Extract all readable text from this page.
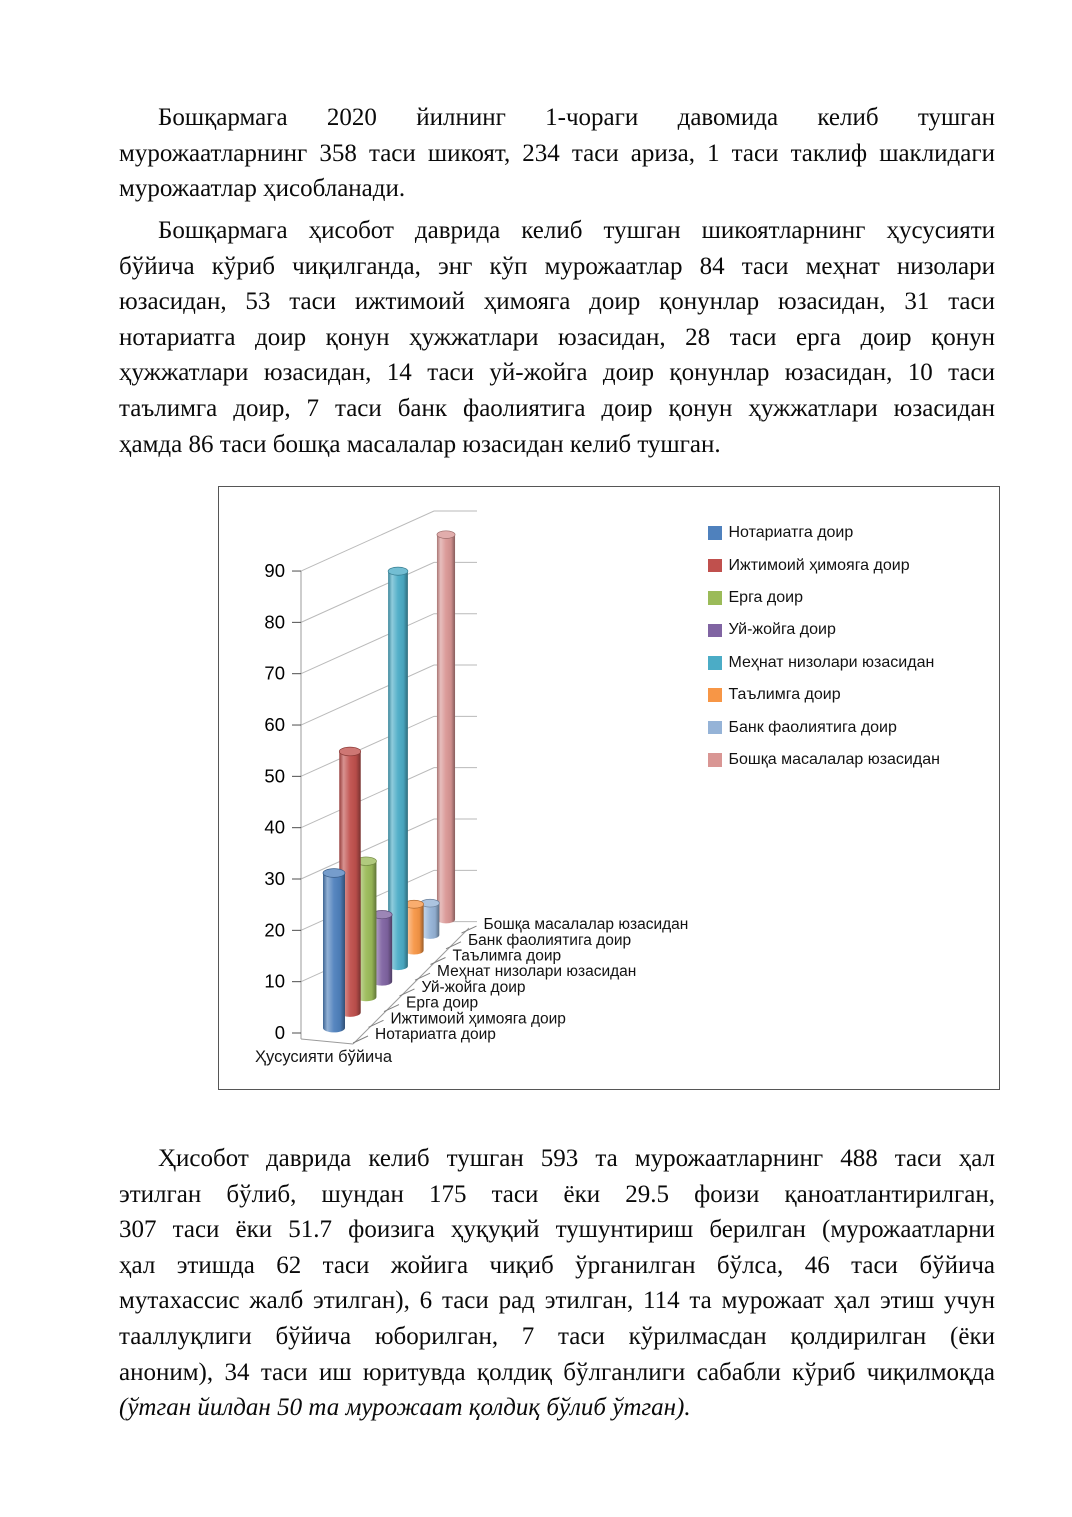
Бошқармага 2020 йилнинг 1-чораги давомида келиб тушган
мурожаатларнинг 358 таси шикоят, 234 таси ариза, 1 таси таклиф шаклидаги
мурожаатлар ҳисобланади.
Бошқармага ҳисобот даврида келиб тушган шикоятларнинг ҳусусияти
бўйича кўриб чиқилганда, энг кўп мурожаатлар 84 таси меҳнат низолари
юзасидан, 53 таси ижтимоий ҳимояга доир қонунлар юзасидан, 31 таси
нотариатга доир қонун ҳужжатлари юзасидан, 28 таси ерга доир қонун
ҳужжатлари юзасидан, 14 таси уй-жойга доир қонунлар юзасидан, 10 таси
таълимга доир, 7 таси банк фаолиятига доир қонун ҳужжатлари юзасидан
ҳамда 86 таси бошқа масалалар юзасидан келиб тушган.
0
10
20
30
40
50
60
70
80
90
Нотариатга доир
Ижтимоий ҳимояга доир
Ерга доир
Уй-жойга доир
Меҳнат низолари юзасидан
Таълимга доир
Банк фаолиятига доир
Бошқа масалалар юзасидан
Нотариатга доир
Ижтимоий ҳимояга доир
Ерга доир
Уй-жойга доир
Меҳнат низолари юзасидан
Таълимга доир
Банк фаолиятига доир
Бошқа масалалар юзасидан
Ҳусусияти бўйича
Ҳисобот даврида келиб тушган 593 та мурожаатларнинг 488 таси ҳал
этилган бўлиб, шундан 175 таси ёки 29.5 фоизи қаноатлантирилган,
307 таси ёки 51.7 фоизига ҳуқуқий тушунтириш берилган (мурожаатларни
ҳал этишда 62 таси жойига чиқиб ўрганилган бўлса, 46 таси бўйича
мутахассис жалб этилган), 6 таси рад этилган, 114 та мурожаат ҳал этиш учун
тааллуқлиги бўйича юборилган, 7 таси кўрилмасдан қолдирилган (ёки
аноним), 34 таси иш юритувда қолдиқ бўлганлиги сабабли кўриб чиқилмоқда
(ўтган йилдан 50 та мурожаат қолдиқ бўлиб ўтган).
